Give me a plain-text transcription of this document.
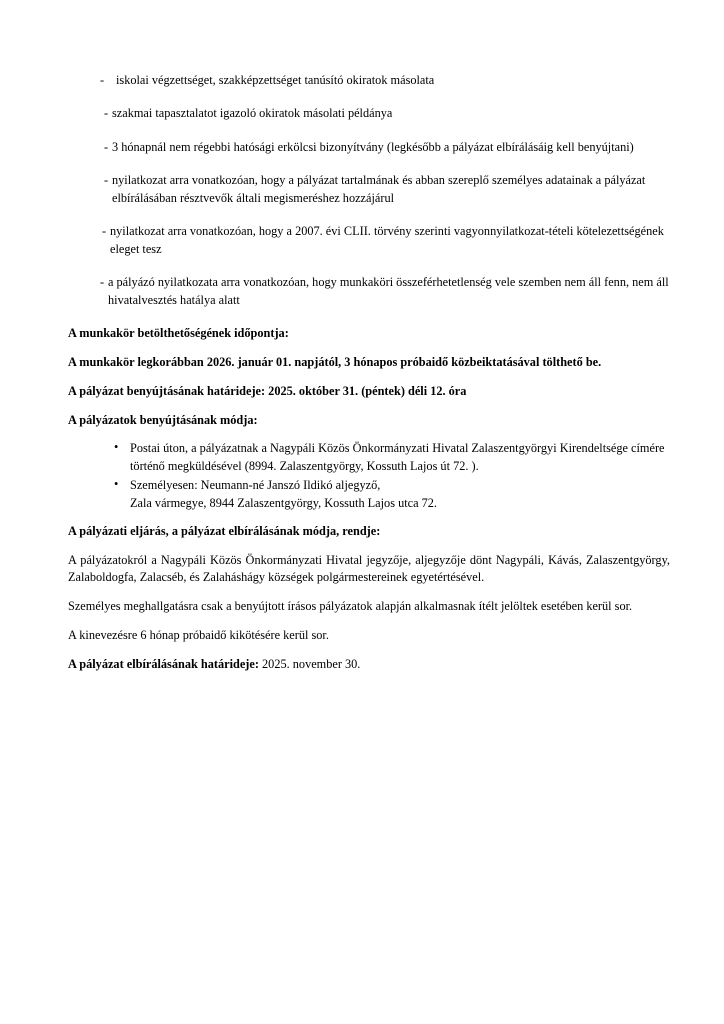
- iskolai végzettséget, szakképzettséget tanúsító okiratok másolata
- szakmai tapasztalatot igazoló okiratok másolati példánya
- 3 hónapnál nem régebbi hatósági erkölcsi bizonyítvány (legkésőbb a pályázat elbírálásáig kell benyújtani)
- nyilatkozat arra vonatkozóan, hogy a pályázat tartalmának és abban szereplő személyes adatainak a pályázat elbírálásában résztvevők általi megismeréshez hozzájárul
- nyilatkozat arra vonatkozóan, hogy a 2007. évi CLII. törvény szerinti vagyonnyilatkozat-tételi kötelezettségének eleget tesz
- a pályázó nyilatkozata arra vonatkozóan, hogy munkaköri összeférhetetlenség vele szemben nem áll fenn, nem áll hivatalvesztés hatálya alatt

A munkakör betölthetőségének időpontja:

A munkakör legkorábban 2026. január 01. napjától, 3 hónapos próbaidő közbeiktatásával tölthető be.

A pályázat benyújtásának határideje: 2025. október 31. (péntek) déli 12. óra

A pályázatok benyújtásának módja:

• Postai úton, a pályázatnak a Nagypáli Közös Önkormányzati Hivatal Zalaszentgyörgyi Kirendeltsége címére történő megküldésével (8994. Zalaszentgyörgy, Kossuth Lajos út 72. ).
• Személyesen: Neumann-né Janszó Ildikó aljegyző,
Zala vármegye, 8944 Zalaszentgyörgy, Kossuth Lajos utca 72.

A pályázati eljárás, a pályázat elbírálásának módja, rendje:

A pályázatokról a Nagypáli Közös Önkormányzati Hivatal jegyzője, aljegyzője dönt Nagypáli, Kávás, Zalaszentgyörgy, Zalaboldogfa, Zalacséb, és Zalaháshágy községek polgármestereinek egyetértésével.

Személyes meghallgatásra csak a benyújtott írásos pályázatok alapján alkalmasnak ítélt jelöltek esetében kerül sor.

A kinevezésre 6 hónap próbaidő kikötésére kerül sor.

A pályázat elbírálásának határideje: 2025. november 30.
